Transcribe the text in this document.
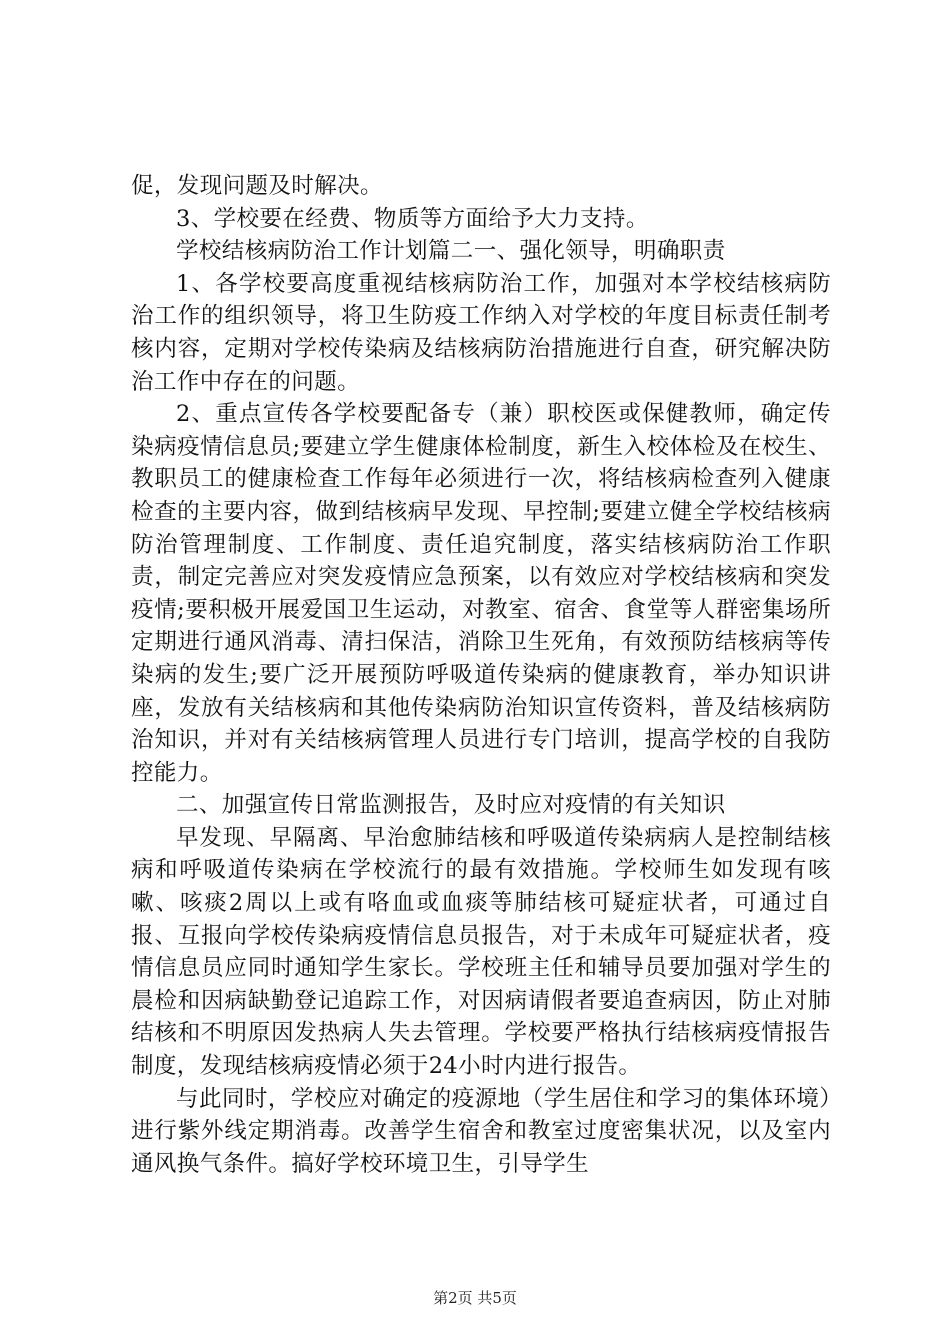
促，发现问题及时解决。

3、学校要在经费、物质等方面给予大力支持。

学校结核病防治工作计划篇二一、强化领导，明确职责

1、各学校要高度重视结核病防治工作，加强对本学校结核病防治工作的组织领导，将卫生防疫工作纳入对学校的年度目标责任制考核内容，定期对学校传染病及结核病防治措施进行自查，研究解决防治工作中存在的问题。

2、重点宣传各学校要配备专（兼）职校医或保健教师，确定传染病疫情信息员;要建立学生健康体检制度，新生入校体检及在校生、教职员工的健康检查工作每年必须进行一次，将结核病检查列入健康检查的主要内容，做到结核病早发现、早控制;要建立健全学校结核病防治管理制度、工作制度、责任追究制度，落实结核病防治工作职责，制定完善应对突发疫情应急预案，以有效应对学校结核病和突发疫情;要积极开展爱国卫生运动，对教室、宿舍、食堂等人群密集场所定期进行通风消毒、清扫保洁，消除卫生死角，有效预防结核病等传染病的发生;要广泛开展预防呼吸道传染病的健康教育，举办知识讲座，发放有关结核病和其他传染病防治知识宣传资料，普及结核病防治知识，并对有关结核病管理人员进行专门培训，提高学校的自我防控能力。

二、加强宣传日常监测报告，及时应对疫情的有关知识

早发现、早隔离、早治愈肺结核和呼吸道传染病病人是控制结核病和呼吸道传染病在学校流行的最有效措施。学校师生如发现有咳嗽、咳痰2周以上或有咯血或血痰等肺结核可疑症状者，可通过自报、互报向学校传染病疫情信息员报告，对于未成年可疑症状者，疫情信息员应同时通知学生家长。学校班主任和辅导员要加强对学生的晨检和因病缺勤登记追踪工作，对因病请假者要追查病因，防止对肺结核和不明原因发热病人失去管理。学校要严格执行结核病疫情报告制度，发现结核病疫情必须于24小时内进行报告。

与此同时，学校应对确定的疫源地（学生居住和学习的集体环境）进行紫外线定期消毒。改善学生宿舍和教室过度密集状况，以及室内通风换气条件。搞好学校环境卫生，引导学生

第2页 共5页
